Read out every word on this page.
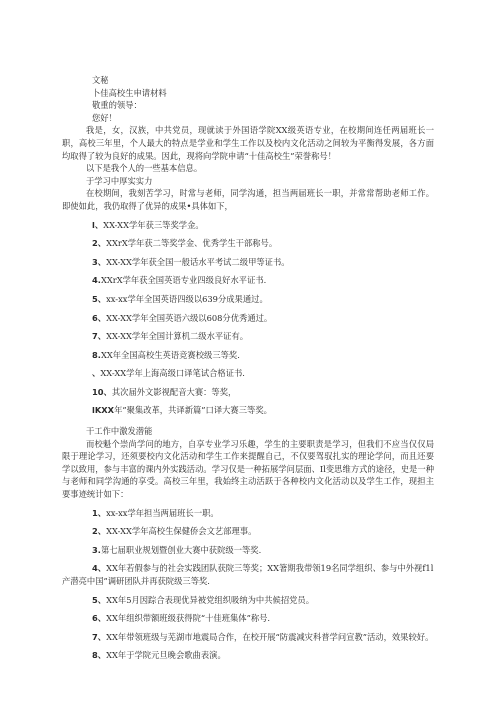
文秘
卜佳高校生申请材料
敬重的领导：
您好！
我是，女，汉族，中共党员，现就读于外国语学院XX级英语专业，在校期间连任两届班长一职，高校三年里，个人最大的特点是学业和学生工作以及校内文化活动之间较为平衡得发展，各方面均取得了较为良好的成果。因此，现将向学院申请“十佳高校生”荣誉称号！
以下是我个人的一些基本信息。
于学习中厚实实力
在校期间，我刻苦学习，时常与老师，同学沟通，担当两届班长一职，并常常帮助老师工作。即使如此，我仍取得了优异的成果•具体如下，
l、XX-XX学年获三等奖学金。
2、XXrX学年获二等奖学金、优秀学生干部称号。
3、XX-XX学年获全国一般话水平考试二级甲等证书。
4.XXrX学年获全国英语专业四级良好水平证书.
5、xx-xx学年全国英语四级以639分成果通过。
6、XX-XX学年全国英语六级以608分优秀通过。
7、XX-XX学年全国计算机二级水平证有。
8.XX年全国高校生英语竞赛校级三等奖.
、XX-XX学年上海高级口译笔试合格证书.
10、其次届外文影视配音大赛：等奖，
lKXX年”聚集改革，共译新篇”口译大赛三等奖。
干工作中激发潜能
而校魁个崇尚学问的地方，自享专业学习乐趣，学生的主要职责是学习，但我们不应当仅仅局限于理论学习，还须要校内文化活动和学生工作来提醒自己，不仅要驾驭扎实的理论学问，而且还要学以致用，参与丰富的课内外实践活动。学习仅是一种拓展学问层面、Il变思维方式的途径，史是一种与老师和同学沟通的享受。高校三年里，我始终主动活跃于各种校内文化活动以及学生工作，现担主要事迹统计如下：
1、xx-xx学年担当两届班长一职。
2、XX-XX学年高校生保健侨会文艺部理事。
3.第七届职业规划暨创业大赛中获院级一等奖.
4、XX年若假参与的社会实践团队获院三等奖；XX箸期我带领19名同学组织、参与中外视f1l产潜亮中国”调研团队并再获院级三等奖.
5、XX年5月因踪合表现优异被党组织吸纳为中共候招党员。
6、XX年组织带额班级获得院“十佳班集体”称号.
7、XX年带领班级与芜湖市地震局合作，在校开展“防震减灾科普学问宣教”活动，效果较好。
8、XX年于学院元旦晚会歌曲表演。
